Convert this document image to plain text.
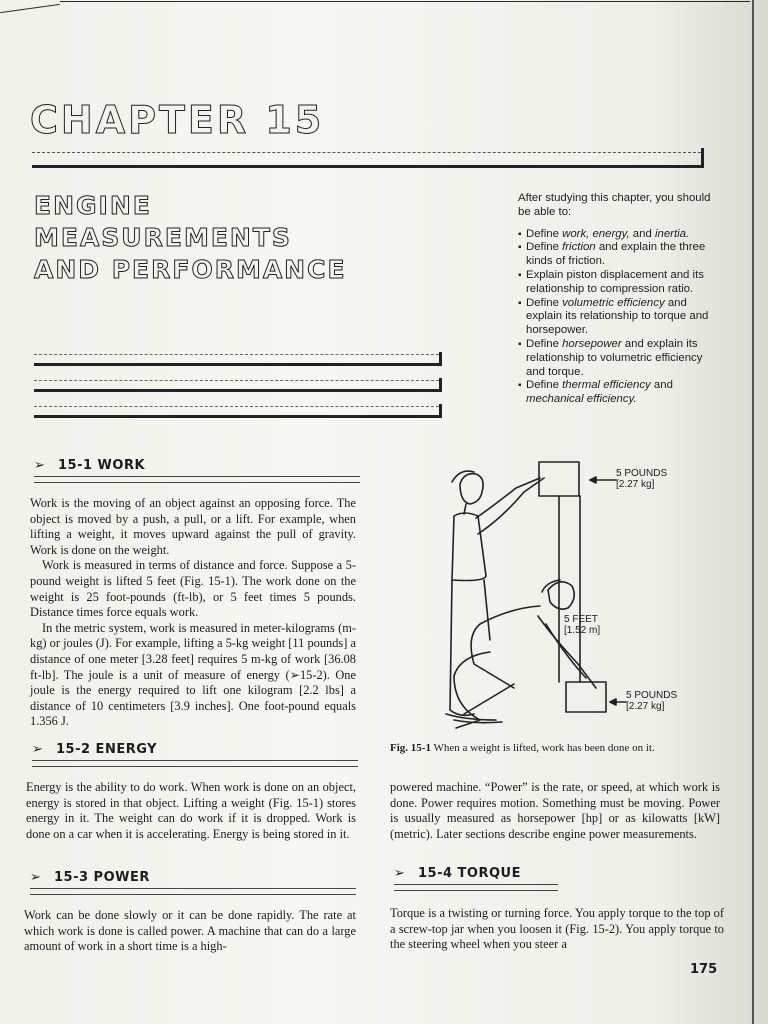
CHAPTER 15
ENGINE
MEASUREMENTS
AND PERFORMANCE
After studying this chapter, you should be able to:
▪ Define work, energy, and inertia.
▪ Define friction and explain the three kinds of friction.
▪ Explain piston displacement and its relationship to compression ratio.
▪ Define volumetric efficiency and explain its relationship to torque and horsepower.
▪ Define horsepower and explain its relationship to volumetric efficiency and torque.
▪ Define thermal efficiency and mechanical efficiency.
➢ 15-1 WORK

Work is the moving of an object against an opposing force. The object is moved by a push, a pull, or a lift. For example, when lifting a weight, it moves upward against the pull of gravity. Work is done on the weight.

Work is measured in terms of distance and force. Suppose a 5-pound weight is lifted 5 feet (Fig. 15-1). The work done on the weight is 25 foot-pounds (ft-lb), or 5 feet times 5 pounds. Distance times force equals work.

In the metric system, work is measured in meter-kilograms (m-kg) or joules (J). For example, lifting a 5-kg weight [11 pounds] a distance of one meter [3.28 feet] requires 5 m-kg of work [36.08 ft-lb]. The joule is a unit of measure of energy (➢15-2). One joule is the energy required to lift one kilogram [2.2 lbs] a distance of 10 centimeters [3.9 inches]. One foot-pound equals 1.356 J.

➢ 15-2 ENERGY

Energy is the ability to do work. When work is done on an object, energy is stored in that object. Lifting a weight (Fig. 15-1) stores energy in it. The weight can do work if it is dropped. Work is done on a car when it is accelerating. Energy is being stored in it.

➢ 15-3 POWER

Work can be done slowly or it can be done rapidly. The rate at which work is done is called power. A machine that can do a large amount of work in a short time is a high-

powered machine. “Power” is the rate, or speed, at which work is done. Power requires motion. Something must be moving. Power is usually measured as horsepower [hp] or as kilowatts [kW] (metric). Later sections describe engine power measurements.

➢ 15-4 TORQUE

Torque is a twisting or turning force. You apply torque to the top of a screw-top jar when you loosen it (Fig. 15-2). You apply torque to the steering wheel when you steer a

5 POUNDS
[2.27 kg]
5 FEET
[1.52 m]
5 POUNDS
[2.27 kg]
Fig. 15-1 When a weight is lifted, work has been done on it.
175
